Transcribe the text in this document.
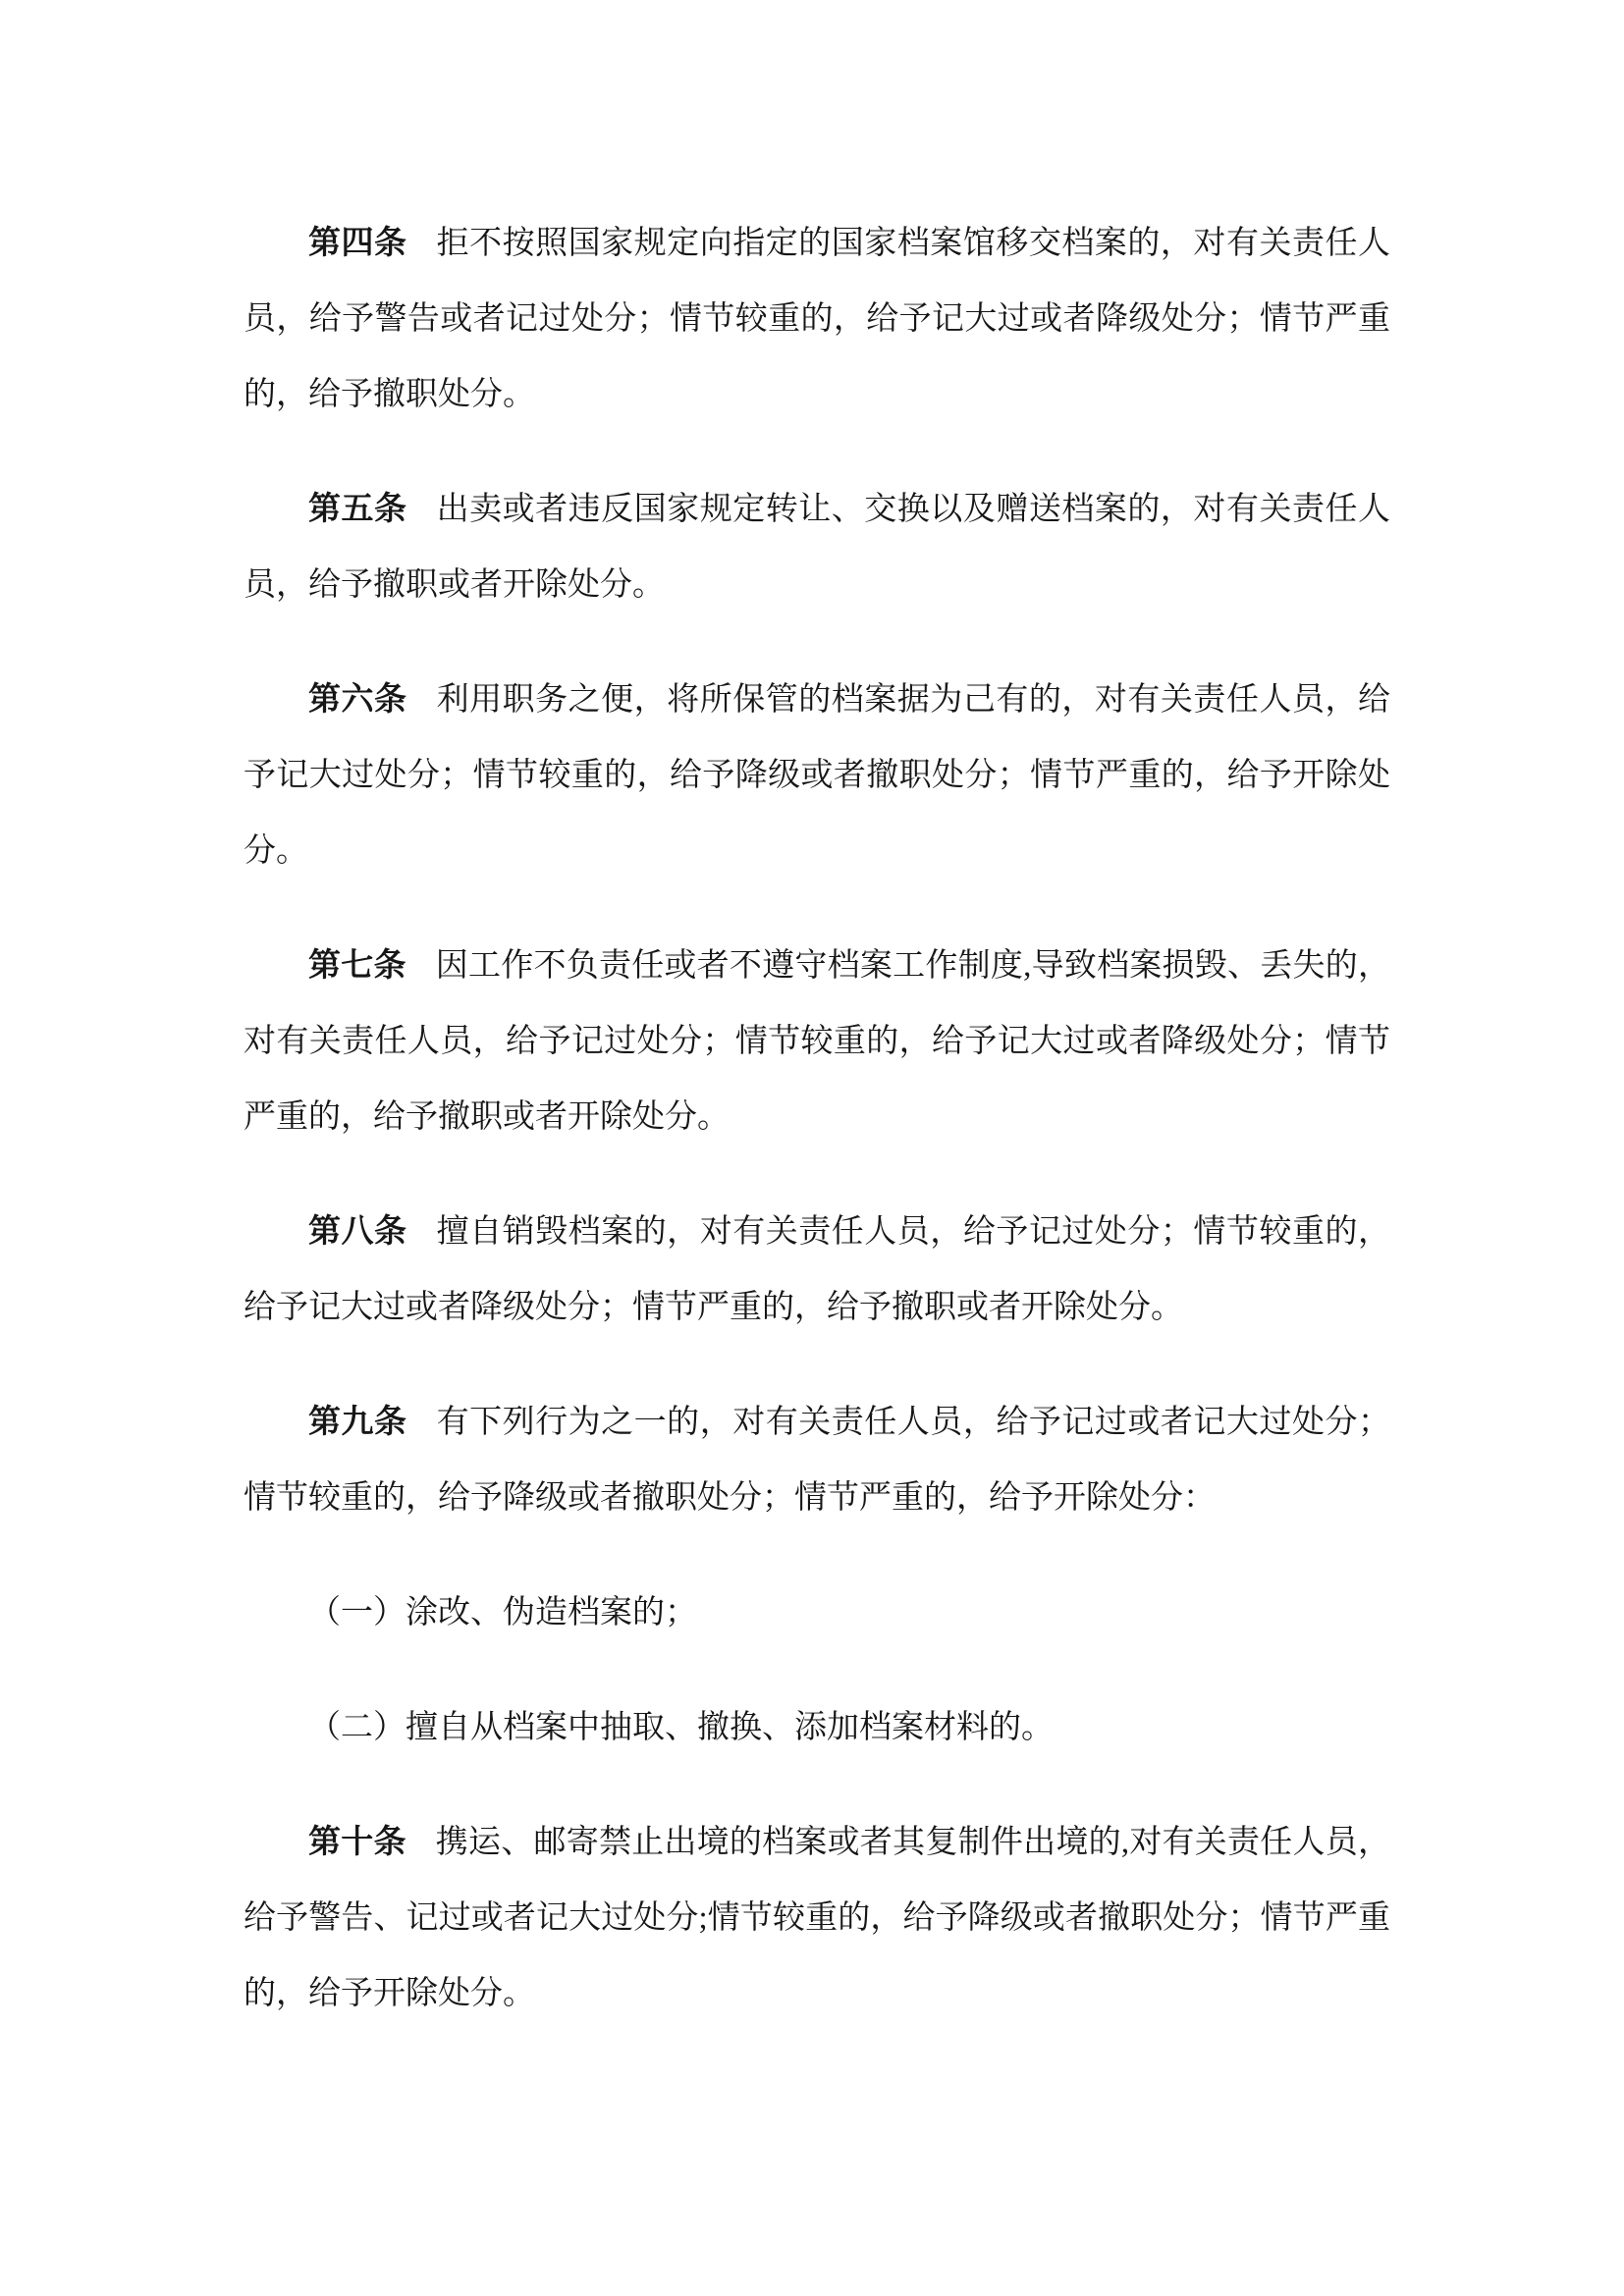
第四条 拒不按照国家规定向指定的国家档案馆移交档案的，对有关责任人员，给予警告或者记过处分；情节较重的，给予记大过或者降级处分；情节严重的，给予撤职处分。

第五条 出卖或者违反国家规定转让、交换以及赠送档案的，对有关责任人员，给予撤职或者开除处分。

第六条 利用职务之便，将所保管的档案据为己有的，对有关责任人员，给予记大过处分；情节较重的，给予降级或者撤职处分；情节严重的，给予开除处分。

第七条 因工作不负责任或者不遵守档案工作制度,导致档案损毁、丢失的，对有关责任人员，给予记过处分；情节较重的，给予记大过或者降级处分；情节严重的，给予撤职或者开除处分。

第八条 擅自销毁档案的，对有关责任人员，给予记过处分；情节较重的，给予记大过或者降级处分；情节严重的，给予撤职或者开除处分。

第九条 有下列行为之一的，对有关责任人员，给予记过或者记大过处分；情节较重的，给予降级或者撤职处分；情节严重的，给予开除处分：

（一）涂改、伪造档案的；

（二）擅自从档案中抽取、撤换、添加档案材料的。

第十条 携运、邮寄禁止出境的档案或者其复制件出境的,对有关责任人员，给予警告、记过或者记大过处分;情节较重的，给予降级或者撤职处分；情节严重的，给予开除处分。
